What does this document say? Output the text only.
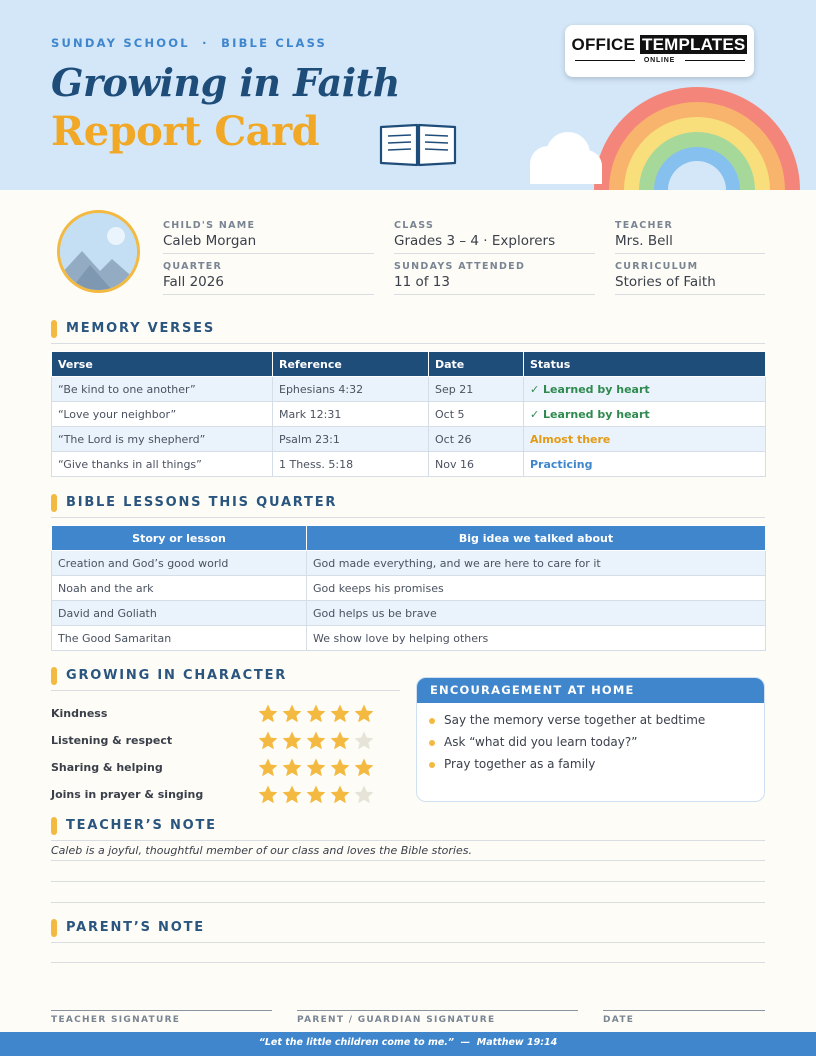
SUNDAY SCHOOL  ·  BIBLE CLASS
Growing in Faith
Report Card
OFFICE TEMPLATES
ONLINE
CHILD'S NAME
Caleb Morgan
CLASS
Grades 3 – 4 · Explorers
TEACHER
Mrs. Bell
QUARTER
Fall 2026
SUNDAYS ATTENDED
11 of 13
CURRICULUM
Stories of Faith
MEMORY VERSES
Verse	Reference	Date	Status
“Be kind to one another”	Ephesians 4:32	Sep 21	✓ Learned by heart
“Love your neighbor”	Mark 12:31	Oct 5	✓ Learned by heart
“The Lord is my shepherd”	Psalm 23:1	Oct 26	Almost there
“Give thanks in all things”	1 Thess. 5:18	Nov 16	Practicing
BIBLE LESSONS THIS QUARTER
Story or lesson	Big idea we talked about
Creation and God’s good world	God made everything, and we are here to care for it
Noah and the ark	God keeps his promises
David and Goliath	God helps us be brave
The Good Samaritan	We show love by helping others
GROWING IN CHARACTER
Kindness
Listening & respect
Sharing & helping
Joins in prayer & singing
ENCOURAGEMENT AT HOME
Say the memory verse together at bedtime
Ask “what did you learn today?”
Pray together as a family
TEACHER’S NOTE
Caleb is a joyful, thoughtful member of our class and loves the Bible stories.
PARENT’S NOTE
TEACHER SIGNATURE	PARENT / GUARDIAN SIGNATURE	DATE
“Let the little children come to me.”  —  Matthew 19:14
